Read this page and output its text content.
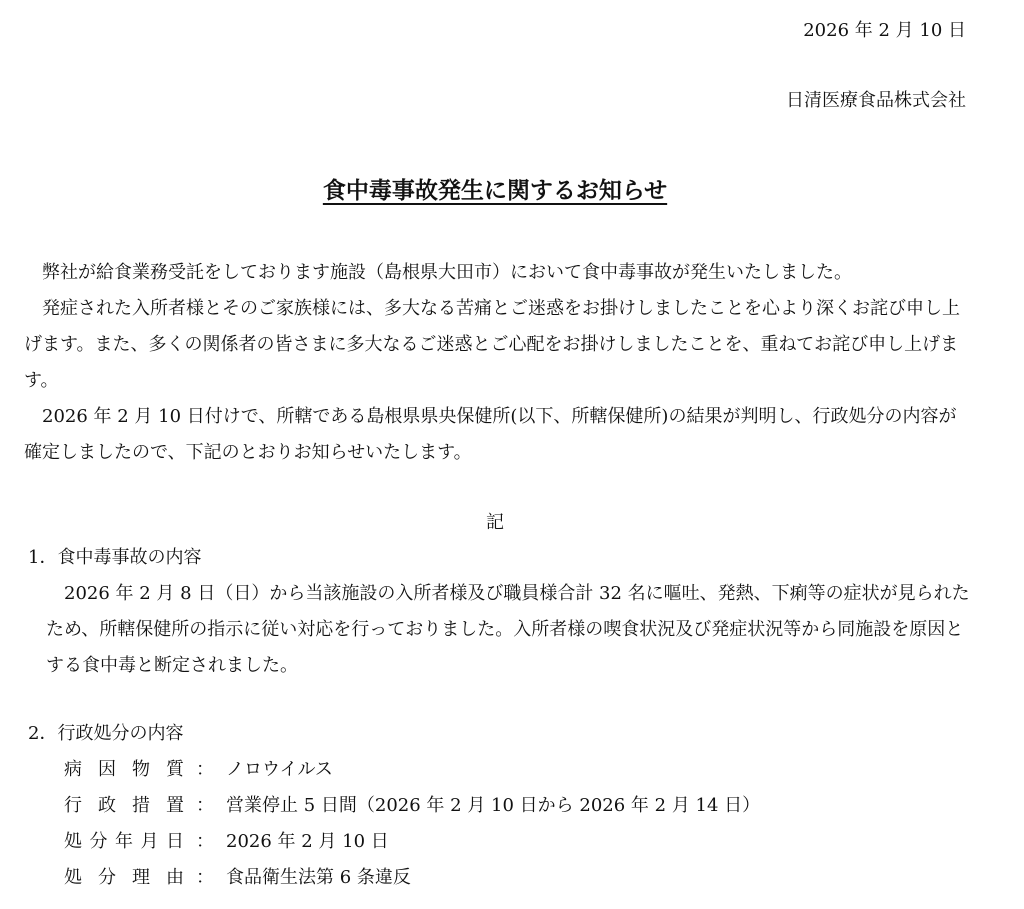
2026 年 2 月 10 日
日清医療食品株式会社
食中毒事故発生に関するお知らせ

弊社が給食業務受託をしております施設（島根県大田市）において食中毒事故が発生いたしました。

発症された入所者様とそのご家族様には、多大なる苦痛とご迷惑をお掛けしましたことを心より深くお詫び申し上げます。また、多くの関係者の皆さまに多大なるご迷惑とご心配をお掛けしましたことを、重ねてお詫び申し上げます。

2026 年 2 月 10 日付けで、所轄である島根県県央保健所(以下、所轄保健所)の結果が判明し、行政処分の内容が確定しましたので、下記のとおりお知らせいたします。

記
1．食中毒事故の内容

2026 年 2 月 8 日（日）から当該施設の入所者様及び職員様合計 32 名に嘔吐、発熱、下痢等の症状が見られたため、所轄保健所の指示に従い対応を行っておりました。入所者様の喫食状況及び発症状況等から同施設を原因とする食中毒と断定されました。

2．行政処分の内容
病因物質 ： ノロウイルス
行政措置 ： 営業停止 5 日間（2026 年 2 月 10 日から 2026 年 2 月 14 日）
処分年月日 ： 2026 年 2 月 10 日
処分理由 ： 食品衛生法第 6 条違反
